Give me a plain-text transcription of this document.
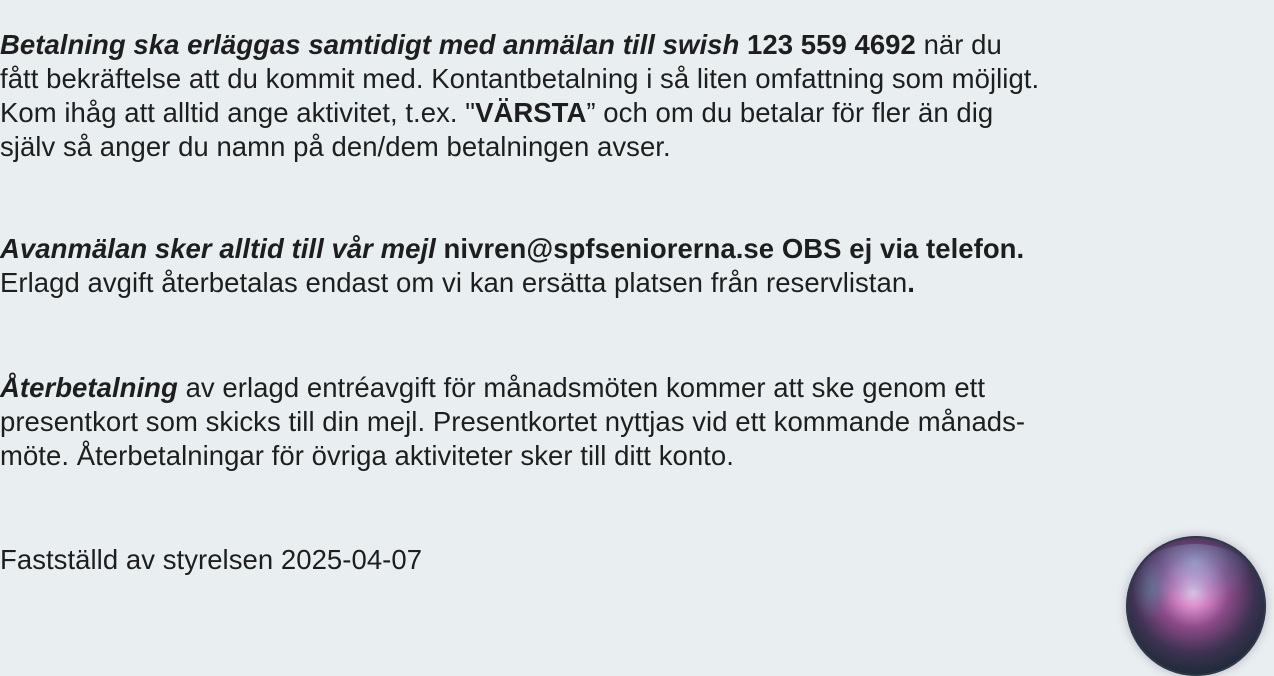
Betalning ska erläggas samtidigt med anmälan till swish 123 559 4692 när du
fått bekräftelse att du kommit med. Kontantbetalning i så liten omfattning som möjligt.
Kom ihåg att alltid ange aktivitet, t.ex. "VÄRSTA” och om du betalar för fler än dig
själv så anger du namn på den/dem betalningen avser.

Avanmälan sker alltid till vår mejl nivren@spfseniorerna.se OBS ej via telefon.
Erlagd avgift återbetalas endast om vi kan ersätta platsen från reservlistan.

Återbetalning av erlagd entréavgift för månadsmöten kommer att ske genom ett
presentkort som skicks till din mejl. Presentkortet nyttjas vid ett kommande månads-
möte. Återbetalningar för övriga aktiviteter sker till ditt konto.

Fastställd av styrelsen 2025-04-07
